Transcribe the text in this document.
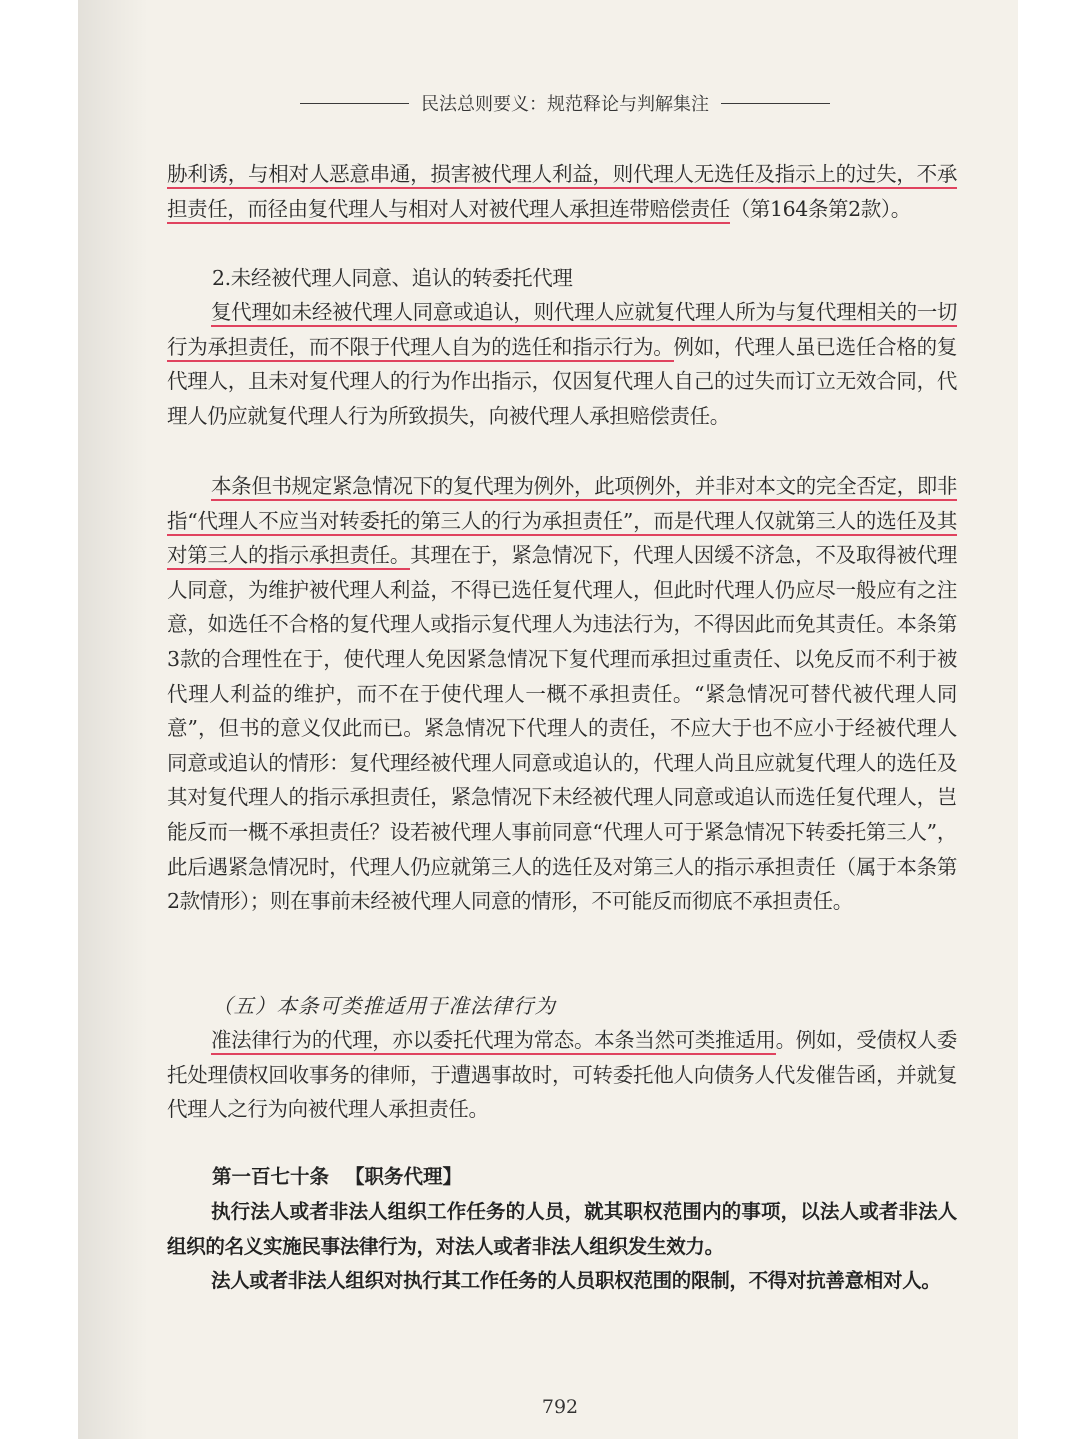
民法总则要义：规范释论与判解集注

胁利诱，与相对人恶意串通，损害被代理人利益，则代理人无选任及指示上的过失，不承担责任，而径由复代理人与相对人对被代理人承担连带赔偿责任（第164条第2款）。

2.未经被代理人同意、追认的转委托代理

复代理如未经被代理人同意或追认，则代理人应就复代理人所为与复代理相关的一切行为承担责任，而不限于代理人自为的选任和指示行为。例如，代理人虽已选任合格的复代理人，且未对复代理人的行为作出指示，仅因复代理人自己的过失而订立无效合同，代理人仍应就复代理人行为所致损失，向被代理人承担赔偿责任。

本条但书规定紧急情况下的复代理为例外，此项例外，并非对本文的完全否定，即非指“代理人不应当对转委托的第三人的行为承担责任”，而是代理人仅就第三人的选任及其对第三人的指示承担责任。其理在于，紧急情况下，代理人因缓不济急，不及取得被代理人同意，为维护被代理人利益，不得已选任复代理人，但此时代理人仍应尽一般应有之注意，如选任不合格的复代理人或指示复代理人为违法行为，不得因此而免其责任。本条第3款的合理性在于，使代理人免因紧急情况下复代理而承担过重责任、以免反而不利于被代理人利益的维护，而不在于使代理人一概不承担责任。“紧急情况可替代被代理人同意”，但书的意义仅此而已。紧急情况下代理人的责任，不应大于也不应小于经被代理人同意或追认的情形：复代理经被代理人同意或追认的，代理人尚且应就复代理人的选任及其对复代理人的指示承担责任，紧急情况下未经被代理人同意或追认而选任复代理人，岂能反而一概不承担责任？设若被代理人事前同意“代理人可于紧急情况下转委托第三人”，此后遇紧急情况时，代理人仍应就第三人的选任及对第三人的指示承担责任（属于本条第2款情形）；则在事前未经被代理人同意的情形，不可能反而彻底不承担责任。

（五）本条可类推适用于准法律行为

准法律行为的代理，亦以委托代理为常态。本条当然可类推适用。例如，受债权人委托处理债权回收事务的律师，于遭遇事故时，可转委托他人向债务人代发催告函，并就复代理人之行为向被代理人承担责任。

第一百七十条 【职务代理】

执行法人或者非法人组织工作任务的人员，就其职权范围内的事项，以法人或者非法人组织的名义实施民事法律行为，对法人或者非法人组织发生效力。

法人或者非法人组织对执行其工作任务的人员职权范围的限制，不得对抗善意相对人。

792
